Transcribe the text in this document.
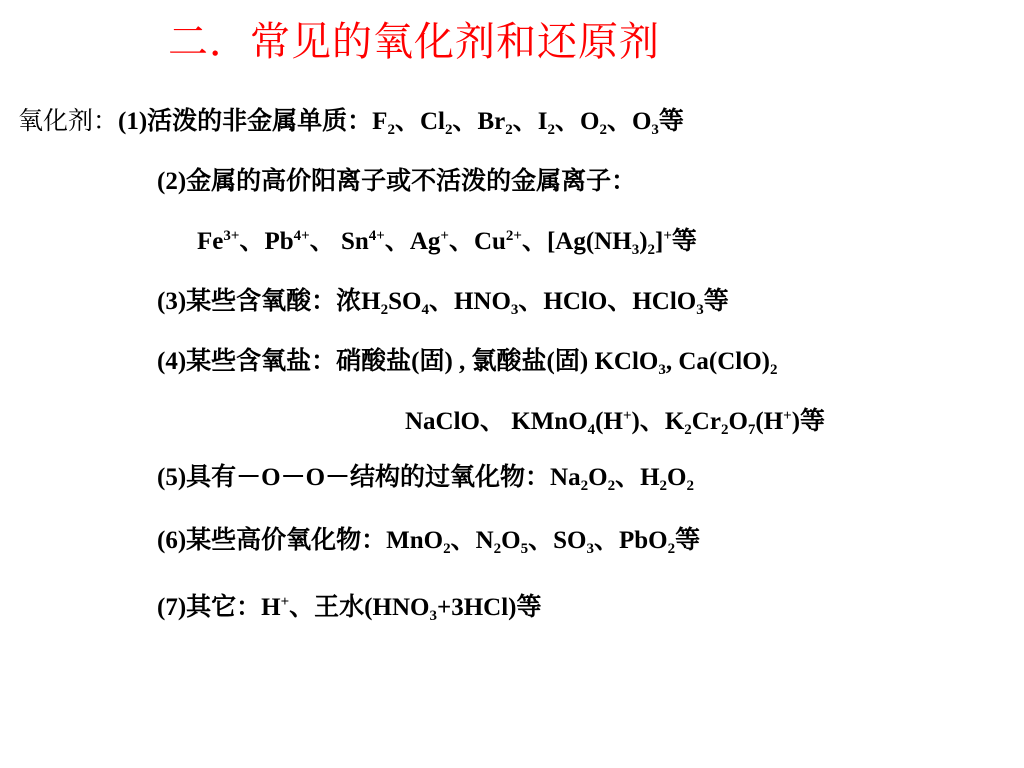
二．常见的氧化剂和还原剂
氧化剂：(1)活泼的非金属单质：$F_2$、$Cl_2$、$Br_2$、$I_2$、$O_2$、$O_3$等
(2)金属的高价阳离子或不活泼的金属离子：
$Fe^{3+}$、$Pb^{4+}$、 $Sn^{4+}$、Ag+、$Cu^{2+}$、$[Ag(NH_3)_2]^+$等
(3)某些含氧酸：浓$H_2SO_4$、$HNO_3$、HClO、HClO$_3$等
(4)某些含氧盐：硝酸盐(固) , 氯酸盐(固) KClO$_3$, $Ca(ClO)_2$
NaClO、 KMnO$_4$(H+)、$K_2Cr_2O_7(H^+)$等
(5)具有－O－O－结构的过氧化物：$Na_2O_2$、$H_2O_2$
(6)某些高价氧化物：MnO$_2$、$N_2O_5$、$SO_3$、PbO$_2$等
(7)其它：H+、王水$(HNO_3+3HCl)$等
